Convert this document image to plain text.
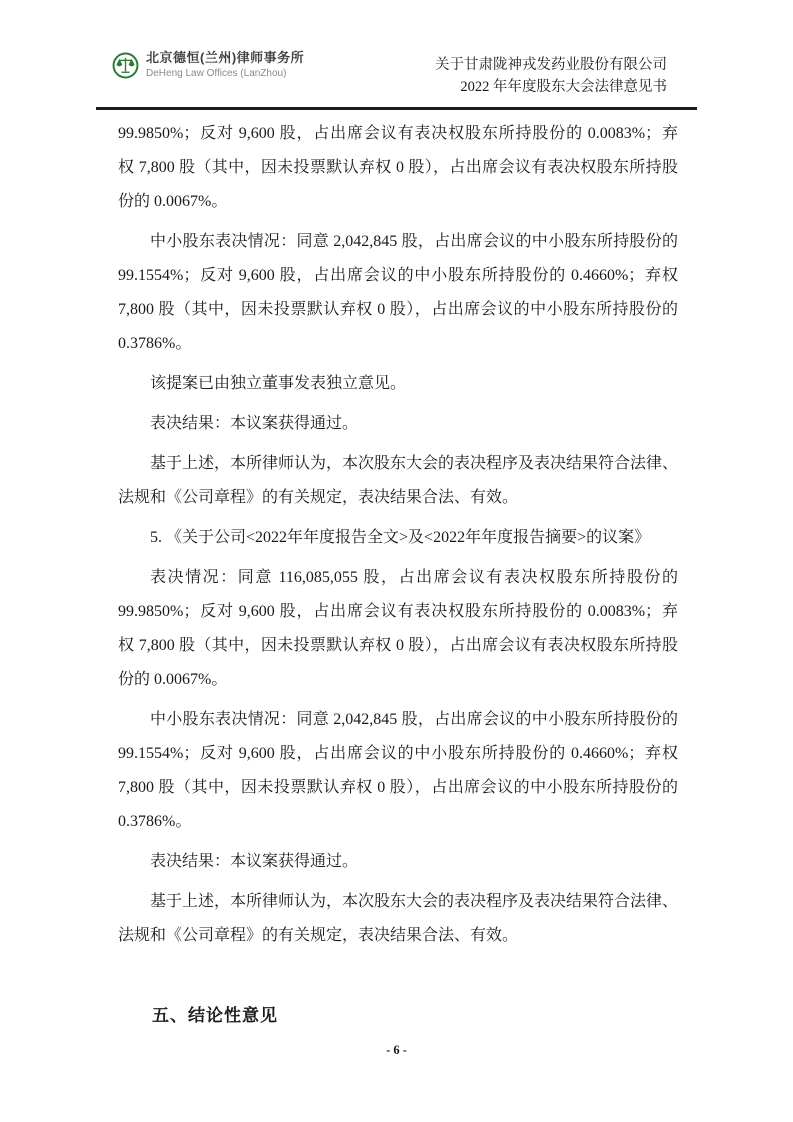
北京德恒(兰州)律师事务所
DeHeng Law Offices (LanZhou)
关于甘肃陇神戎发药业股份有限公司
2022 年年度股东大会法律意见书

99.9850%；反对 9,600 股，占出席会议有表决权股东所持股份的 0.0083%；弃
权 7,800 股（其中，因未投票默认弃权 0 股），占出席会议有表决权股东所持股
份的 0.0067%。

中小股东表决情况：同意 2,042,845 股，占出席会议的中小股东所持股份的
99.1554%；反对 9,600 股，占出席会议的中小股东所持股份的 0.4660%；弃权
7,800 股（其中，因未投票默认弃权 0 股），占出席会议的中小股东所持股份的
0.3786%。

该提案已由独立董事发表独立意见。

表决结果：本议案获得通过。

基于上述，本所律师认为，本次股东大会的表决程序及表决结果符合法律、
法规和《公司章程》的有关规定，表决结果合法、有效。

5. 《关于公司<2022年年度报告全文>及<2022年年度报告摘要>的议案》

表决情况：同意 116,085,055 股，占出席会议有表决权股东所持股份的
99.9850%；反对 9,600 股，占出席会议有表决权股东所持股份的 0.0083%；弃
权 7,800 股（其中，因未投票默认弃权 0 股），占出席会议有表决权股东所持股
份的 0.0067%。

中小股东表决情况：同意 2,042,845 股，占出席会议的中小股东所持股份的
99.1554%；反对 9,600 股，占出席会议的中小股东所持股份的 0.4660%；弃权
7,800 股（其中，因未投票默认弃权 0 股），占出席会议的中小股东所持股份的
0.3786%。

表决结果：本议案获得通过。

基于上述，本所律师认为，本次股东大会的表决程序及表决结果符合法律、
法规和《公司章程》的有关规定，表决结果合法、有效。

五、结论性意见

- 6 -
